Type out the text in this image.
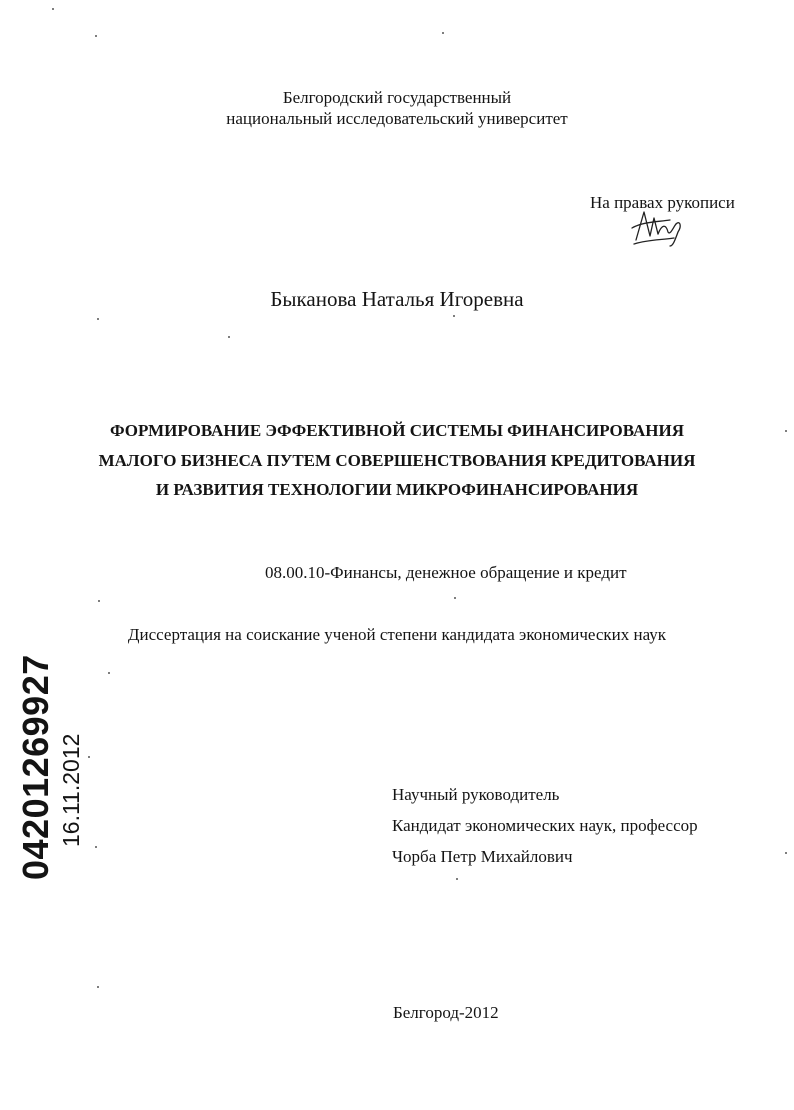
Белгородский государственный
национальный исследовательский университет
На правах рукописи
Быканова Наталья Игоревна
ФОРМИРОВАНИЕ ЭФФЕКТИВНОЙ СИСТЕМЫ ФИНАНСИРОВАНИЯ
МАЛОГО БИЗНЕСА ПУТЕМ СОВЕРШЕНСТВОВАНИЯ КРЕДИТОВАНИЯ
И РАЗВИТИЯ ТЕХНОЛОГИИ МИКРОФИНАНСИРОВАНИЯ
08.00.10-Финансы, денежное обращение и кредит
Диссертация на соискание ученой степени кандидата экономических наук
Научный руководитель
Кандидат экономических наук, профессор
Чорба Петр Михайлович
Белгород-2012
04201269927 16.11.2012
